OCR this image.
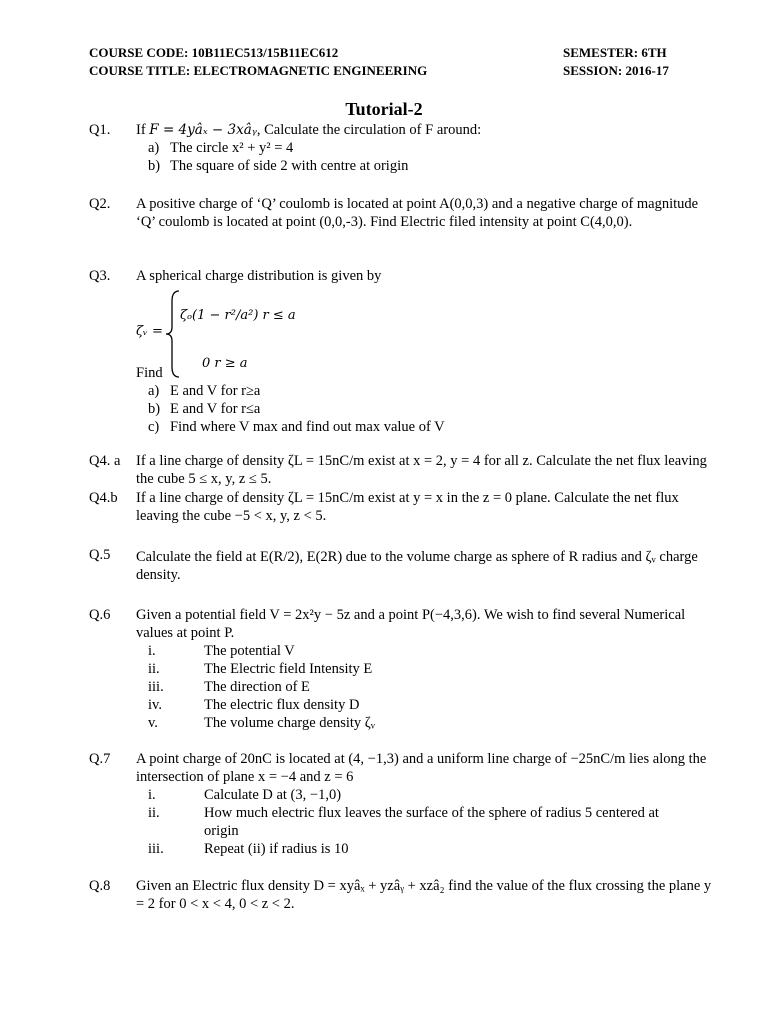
COURSE CODE: 10B11EC513/15B11EC612
COURSE TITLE: ELECTROMAGNETIC ENGINEERING
SEMESTER: 6TH
SESSION: 2016-17
Tutorial-2
Q1. If F = 4yâₓ − 3xâᵧ, Calculate the circulation of F around:
a) The circle x² + y² = 4
b) The square of side 2 with centre at origin
Q2. A positive charge of ‘Q’ coulomb is located at point A(0,0,3) and a negative charge of magnitude ‘Q’ coulomb is located at point (0,0,-3). Find Electric filed intensity at point C(4,0,0).
Q3. A spherical charge distribution is given by
ζᵥ =
ζₒ(1 − r²/a²) r ≤ a
0 r ≥ a
Find
a) E and V for r≥a
b) E and V for r≤a
c) Find where V max and find out max value of V
Q4. a If a line charge of density ζL = 15nC/m exist at x = 2, y = 4 for all z. Calculate the net flux leaving the cube 5 ≤ x, y, z ≤ 5.
Q4.b If a line charge of density ζL = 15nC/m exist at y = x in the z = 0 plane. Calculate the net flux leaving the cube −5 < x, y, z < 5.
Q.5 Calculate the field at E(R/2), E(2R) due to the volume charge as sphere of R radius and ζᵥ charge density.
Q.6 Given a potential field V = 2x²y − 5z and a point P(−4,3,6). We wish to find several Numerical values at point P.
i.	The potential V
ii.	The Electric field Intensity E
iii.	The direction of E
iv.	The electric flux density D
v.	The volume charge density ζᵥ
Q.7 A point charge of 20nC is located at (4, −1,3) and a uniform line charge of −25nC/m lies along the intersection of plane x = −4 and z = 6
i.	Calculate D at (3, −1,0)
ii.	How much electric flux leaves the surface of the sphere of radius 5 centered at origin
iii.	Repeat (ii) if radius is 10
Q.8 Given an Electric flux density D = xyâₓ + yzâᵧ + xzâ₂ find the value of the flux crossing the plane y = 2 for 0 < x < 4, 0 < z < 2.
